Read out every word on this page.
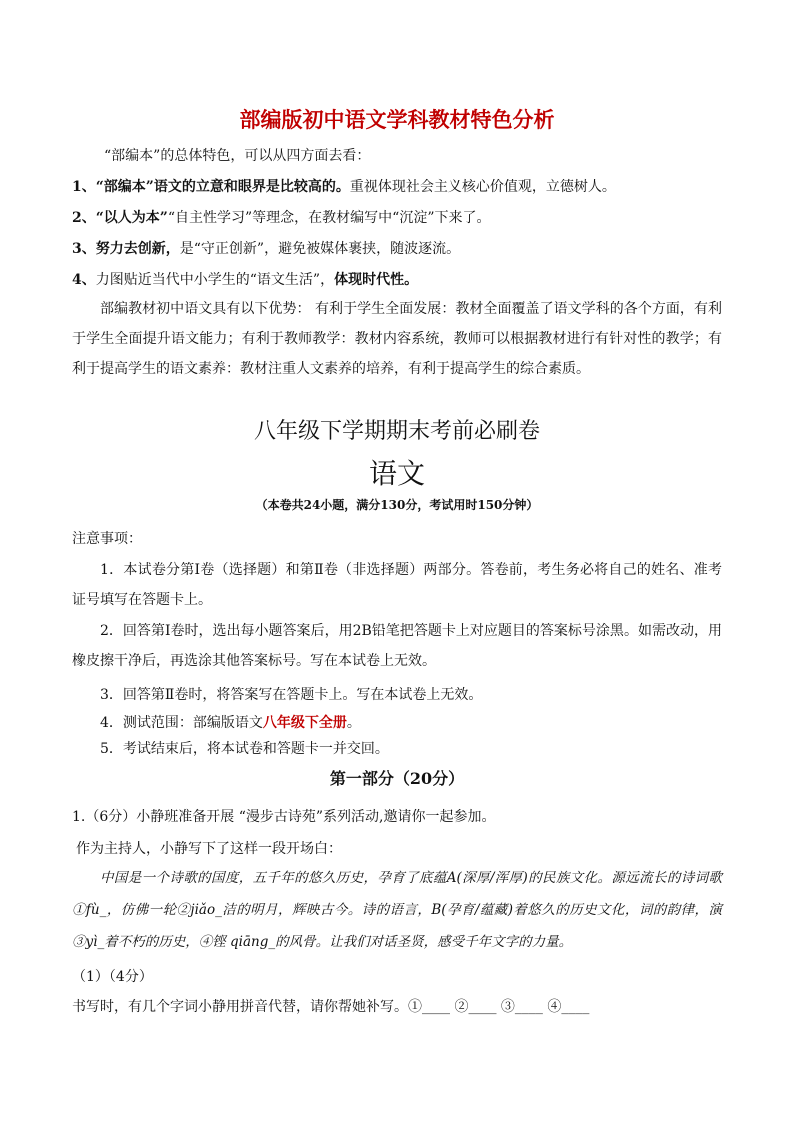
部编版初中语文学科教材特色分析
“部编本”的总体特色，可以从四方面去看：
1、“部编本”语文的立意和眼界是比较高的。重视体现社会主义核心价值观，立德树人。
2、“以人为本”“自主性学习”等理念，在教材编写中“沉淀”下来了。
3、努力去创新，是“守正创新”，避免被媒体裹挟，随波逐流。
4、力图贴近当代中小学生的“语文生活”，体现时代性。
部编教材初中语文具有以下优势： 有利于学生全面发展：教材全面覆盖了语文学科的各个方面，有利于学生全面提升语文能力；有利于教师教学：教材内容系统，教师可以根据教材进行有针对性的教学；有利于提高学生的语文素养：教材注重人文素养的培养，有利于提高学生的综合素质。
八年级下学期期末考前必刷卷
语文
（本卷共24小题，满分130分，考试用时150分钟）
注意事项：
1．本试卷分第Ⅰ卷（选择题）和第Ⅱ卷（非选择题）两部分。答卷前，考生务必将自己的姓名、准考证号填写在答题卡上。
2．回答第Ⅰ卷时，选出每小题答案后，用2B铅笔把答题卡上对应题目的答案标号涂黑。如需改动，用橡皮擦干净后，再选涂其他答案标号。写在本试卷上无效。
3．回答第Ⅱ卷时，将答案写在答题卡上。写在本试卷上无效。
4．测试范围：部编版语文八年级下全册。
5．考试结束后，将本试卷和答题卡一并交回。
第一部分（20分）
1.（6分）小静班准备开展 “漫步古诗苑”系列活动,邀请你一起参加。
作为主持人，小静写下了这样一段开场白：
中国是一个诗歌的国度，五千年的悠久历史，孕育了底蕴A(深厚/浑厚)的民族文化。源远流长的诗词歌①fù_，仿佛一轮②jiǎo_洁的明月，辉映古今。诗的语言，B(孕育/蕴藏)着悠久的历史文化，词的韵律，演③yì_着不朽的历史，④铿 qiāng_的风骨。让我们对话圣贤，感受千年文字的力量。
（1）（4分）
书写时，有几个字词小静用拼音代替，请你帮她补写。①____ ②____ ③____ ④____
